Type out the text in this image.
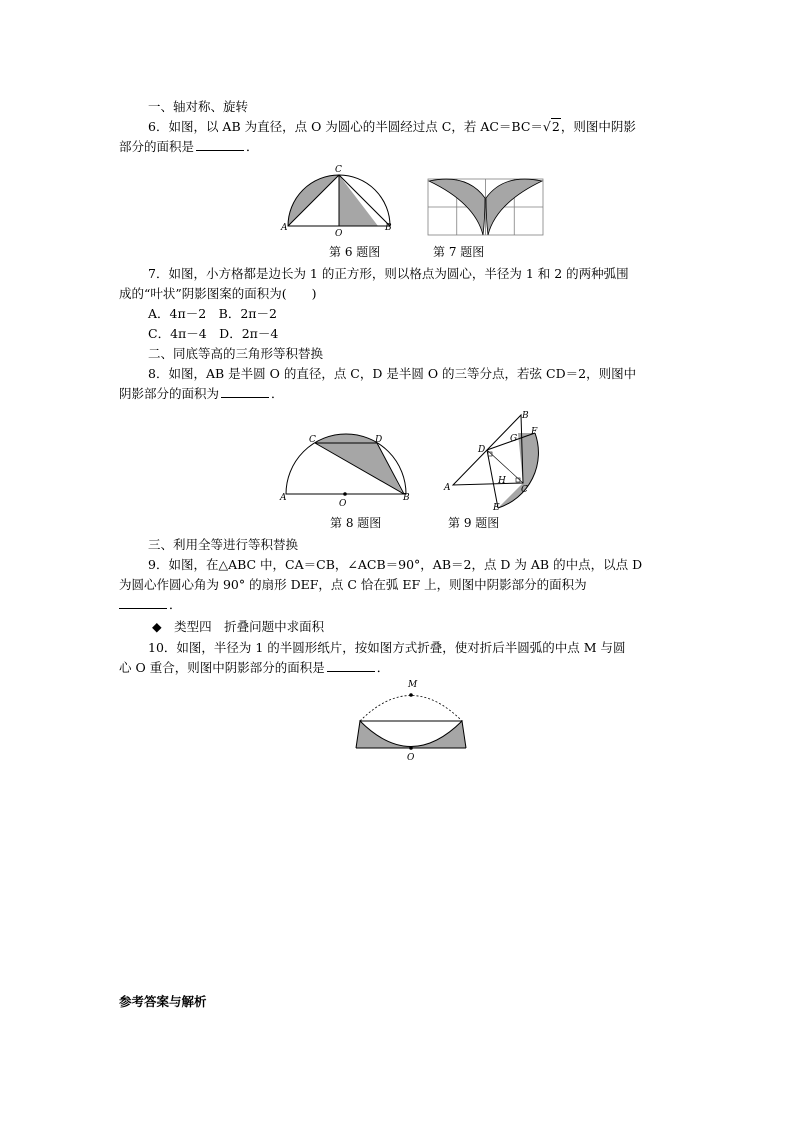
一、轴对称、旋转
6．如图，以 AB 为直径，点 O 为圆心的半圆经过点 C，若 AC＝BC＝√2，则图中阴影
部分的面积是	．
A	B
C
O
第 6 题图	第 7 题图
7．如图，小方格都是边长为 1 的正方形，则以格点为圆心，半径为 1 和 2 的两种弧围
成的“叶状”阴影图案的面积为(　　)
A．4π－2　B．2π－2
C．4π－4　D．2π－4
二、同底等高的三角形等积替换
8．如图，AB 是半圆 O 的直径，点 C，D 是半圆 O 的三等分点，若弦 CD＝2，则图中
阴影部分的面积为	．
A	B
C	D
O
A
B
C
D
E
F
G
H
第 8 题图	第 9 题图
三、利用全等进行等积替换
9．如图，在△ABC 中，CA＝CB，∠ACB＝90°，AB＝2，点 D 为 AB 的中点，以点 D
为圆心作圆心角为 90° 的扇形 DEF，点 C 恰在弧 EF 上，则图中阴影部分的面积为
．
◆　 类型四　折叠问题中求面积
10．如图，半径为 1 的半圆形纸片，按如图方式折叠，使对折后半圆弧的中点 M 与圆
心 O 重合，则图中阴影部分的面积是	．
M
O
参考答案与解析
